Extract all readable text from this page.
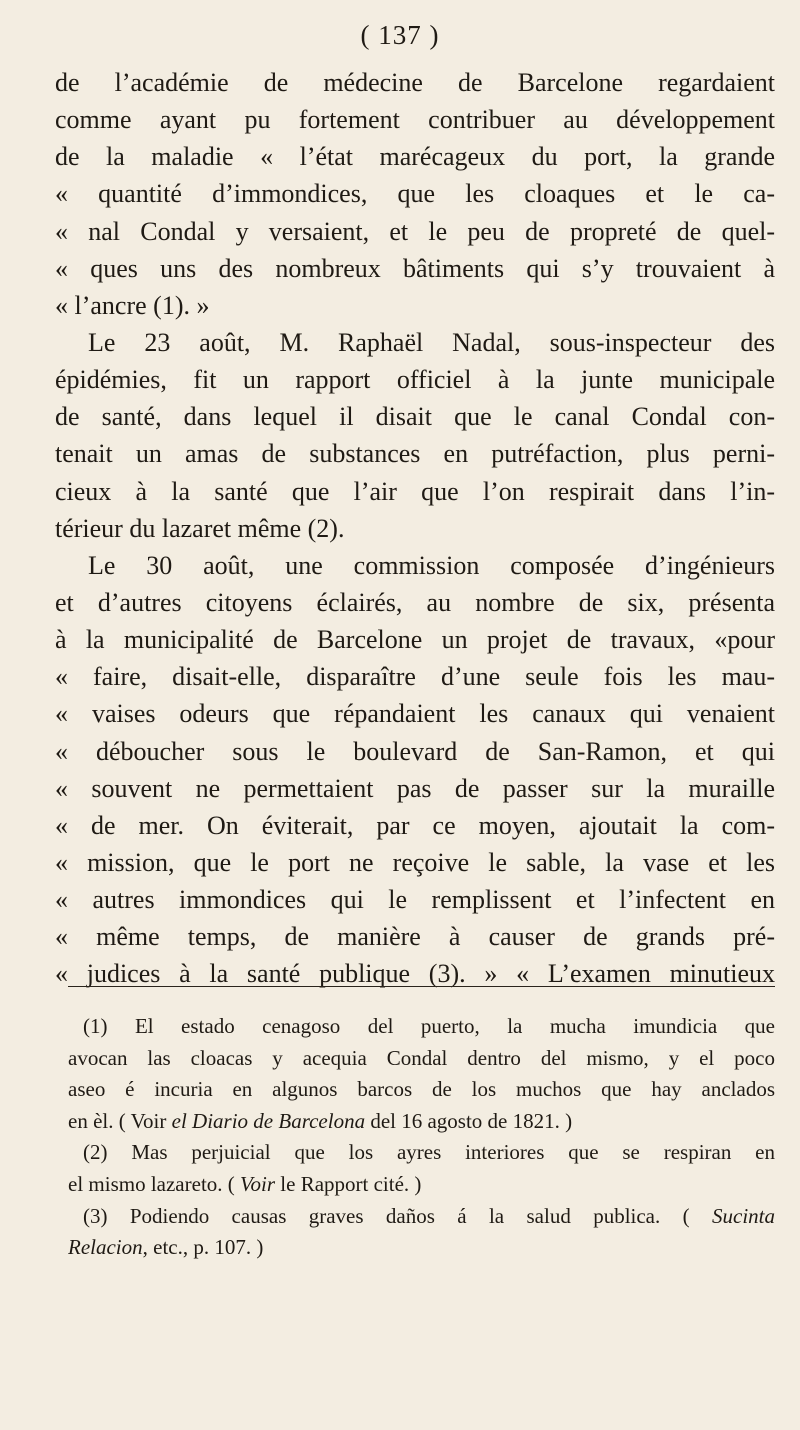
( 137 )
de l’académie de médecine de Barcelone regardaient
comme ayant pu fortement contribuer au développement
de la maladie « l’état marécageux du port, la grande
« quantité d’immondices, que les cloaques et le ca-
« nal Condal y versaient, et le peu de propreté de quel-
« ques uns des nombreux bâtiments qui s’y trouvaient à
« l’ancre (1). »
Le 23 août, M. Raphaël Nadal, sous-inspecteur des
épidémies, fit un rapport officiel à la junte municipale
de santé, dans lequel il disait que le canal Condal con-
tenait un amas de substances en putréfaction, plus perni-
cieux à la santé que l’air que l’on respirait dans l’in-
térieur du lazaret même (2).
Le 30 août, une commission composée d’ingénieurs
et d’autres citoyens éclairés, au nombre de six, présenta
à la municipalité de Barcelone un projet de travaux, «pour
« faire, disait-elle, disparaître d’une seule fois les mau-
« vaises odeurs que répandaient les canaux qui venaient
« déboucher sous le boulevard de San-Ramon, et qui
« souvent ne permettaient pas de passer sur la muraille
« de mer. On éviterait, par ce moyen, ajoutait la com-
« mission, que le port ne reçoive le sable, la vase et les
« autres immondices qui le remplissent et l’infectent en
« même temps, de manière à causer de grands pré-
« judices à la santé publique (3). » « L’examen minutieux
(1) El estado cenagoso del puerto, la mucha imundicia que
avocan las cloacas y acequia Condal dentro del mismo, y el poco
aseo é incuria en algunos barcos de los muchos que hay anclados
en èl. ( Voir el Diario de Barcelona del 16 agosto de 1821. )
(2) Mas perjuicial que los ayres interiores que se respiran en
el mismo lazareto. ( Voir le Rapport cité. )
(3) Podiendo causas graves daños á la salud publica. ( Sucinta
Relacion, etc., p. 107. )
